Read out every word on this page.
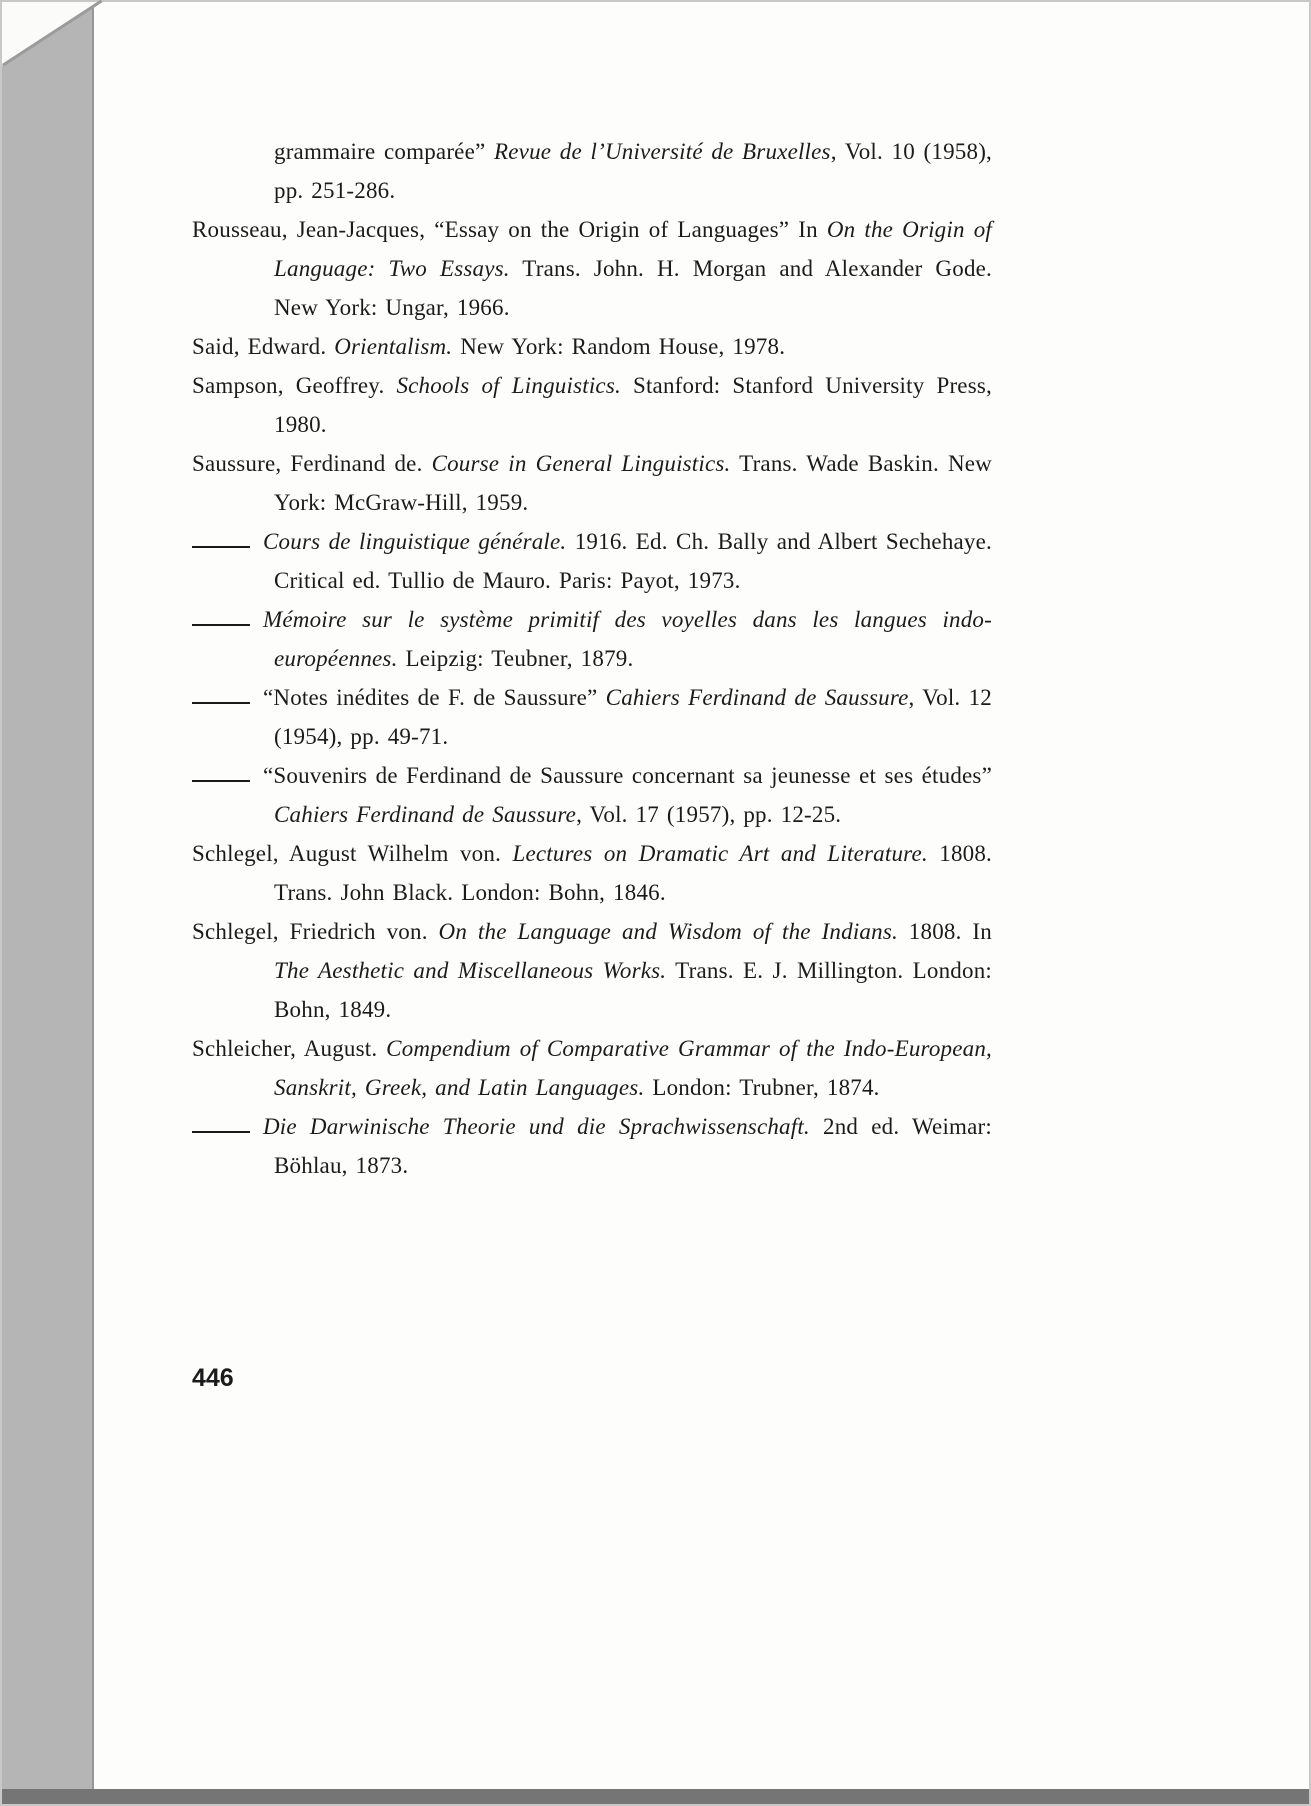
grammaire comparée” Revue de l’Université de Bruxelles, Vol. 10 (1958), pp. 251-286.

Rousseau, Jean-Jacques, “Essay on the Origin of Languages” In On the Origin of Language: Two Essays. Trans. John. H. Morgan and Alexander Gode. New York: Ungar, 1966.

Said, Edward. Orientalism. New York: Random House, 1978.

Sampson, Geoffrey. Schools of Linguistics. Stanford: Stanford University Press, 1980.

Saussure, Ferdinand de. Course in General Linguistics. Trans. Wade Baskin. New York: McGraw-Hill, 1959.

Cours de linguistique générale. 1916. Ed. Ch. Bally and Albert Sechehaye. Critical ed. Tullio de Mauro. Paris: Payot, 1973.

Mémoire sur le système primitif des voyelles dans les langues indo-européennes. Leipzig: Teubner, 1879.

“Notes inédites de F. de Saussure” Cahiers Ferdinand de Saussure, Vol. 12 (1954), pp. 49-71.

“Souvenirs de Ferdinand de Saussure concernant sa jeunesse et ses études” Cahiers Ferdinand de Saussure, Vol. 17 (1957), pp. 12-25.

Schlegel, August Wilhelm von. Lectures on Dramatic Art and Literature. 1808. Trans. John Black. London: Bohn, 1846.

Schlegel, Friedrich von. On the Language and Wisdom of the Indians. 1808. In The Aesthetic and Miscellaneous Works. Trans. E. J. Millington. London: Bohn, 1849.

Schleicher, August. Compendium of Comparative Grammar of the Indo-European, Sanskrit, Greek, and Latin Languages. London: Trubner, 1874.

Die Darwinische Theorie und die Sprachwissenschaft. 2nd ed. Weimar: Böhlau, 1873.

446
